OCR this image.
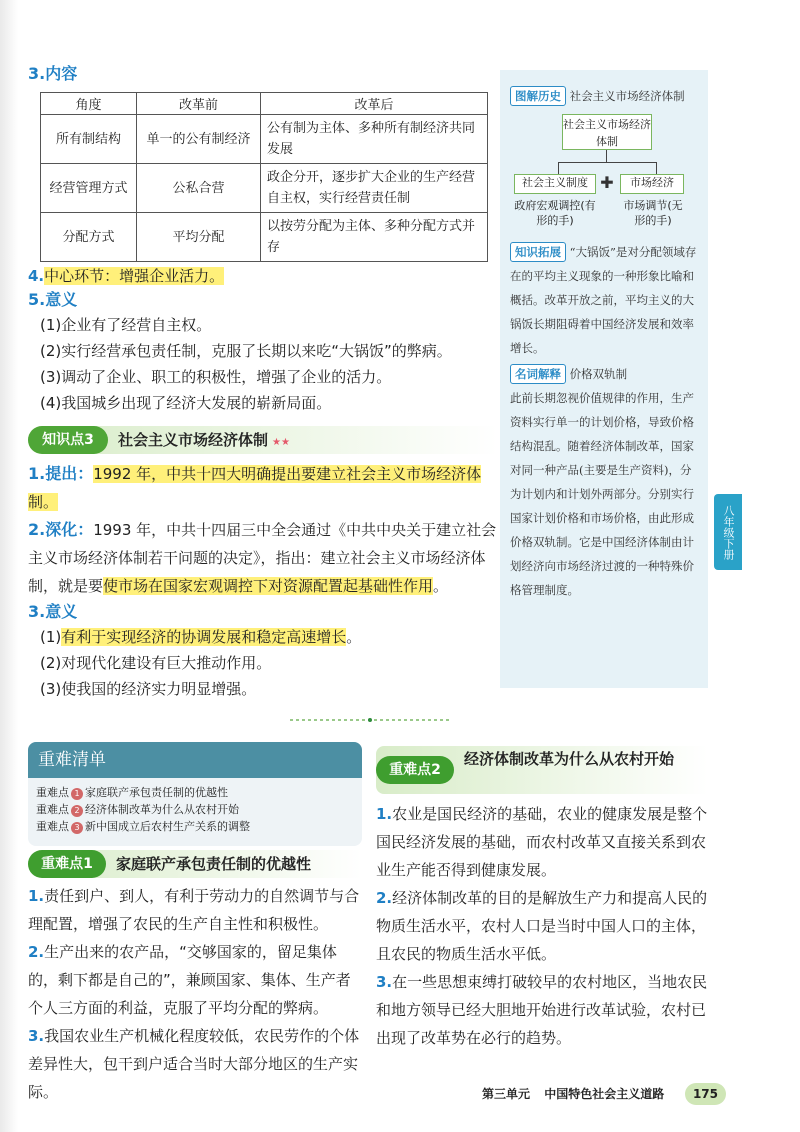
3.内容
角度	改革前	改革后
所有制结构	单一的公有制经济	公有制为主体、多种所有制经济共同发展
经营管理方式	公私合营	政企分开，逐步扩大企业的生产经营自主权，实行经营责任制
分配方式	平均分配	以按劳分配为主体、多种分配方式并存
4.中心环节：增强企业活力。
5.意义
(1)企业有了经营自主权。
(2)实行经营承包责任制，克服了长期以来吃“大锅饭”的弊病。
(3)调动了企业、职工的积极性，增强了企业的活力。
(4)我国城乡出现了经济大发展的崭新局面。
知识点3	社会主义市场经济体制 ★★
1.提出：1992 年，中共十四大明确提出要建立社会主义市场经济体制。
2.深化：1993 年，中共十四届三中全会通过《中共中央关于建立社会主义市场经济体制若干问题的决定》，指出：建立社会主义市场经济体制，就是要使市场在国家宏观调控下对资源配置起基础性作用。
3.意义
(1)有利于实现经济的协调发展和稳定高速增长。
(2)对现代化建设有巨大推动作用。
(3)使我国的经济实力明显增强。
图解历史 社会主义市场经济体制
社会主义市场经济体制
社会主义制度 ✚	市场经济
政府宏观调控(有形的手)
市场调节(无形的手)
知识拓展 “大锅饭”是对分配领域存在的平均主义现象的一种形象比喻和概括。改革开放之前，平均主义的大锅饭长期阻碍着中国经济发展和效率增长。
名词解释 价格双轨制
此前长期忽视价值规律的作用，生产资料实行单一的计划价格，导致价格结构混乱。随着经济体制改革，国家对同一种产品(主要是生产资料)，分为计划内和计划外两部分。分别实行国家计划价格和市场价格，由此形成价格双轨制。它是中国经济体制由计划经济向市场经济过渡的一种特殊价格管理制度。
八年级下册
重难清单
重难点 1 家庭联产承包责任制的优越性
重难点 2 经济体制改革为什么从农村开始
重难点 3 新中国成立后农村生产关系的调整
重难点1	家庭联产承包责任制的优越性
1.责任到户、到人，有利于劳动力的自然调节与合理配置，增强了农民的生产自主性和积极性。
2.生产出来的农产品，“交够国家的，留足集体的，剩下都是自己的”，兼顾国家、集体、生产者个人三方面的利益，克服了平均分配的弊病。
3.我国农业生产机械化程度较低，农民劳作的个体差异性大，包干到户适合当时大部分地区的生产实际。
重难点2
经济体制改革为什么从农村开始
1.农业是国民经济的基础，农业的健康发展是整个国民经济发展的基础，而农村改革又直接关系到农业生产能否得到健康发展。
2.经济体制改革的目的是解放生产力和提高人民的物质生活水平，农村人口是当时中国人口的主体，且农民的物质生活水平低。
3.在一些思想束缚打破较早的农村地区，当地农民和地方领导已经大胆地开始进行改革试验，农村已出现了改革势在必行的趋势。
第三单元 中国特色社会主义道路	175
